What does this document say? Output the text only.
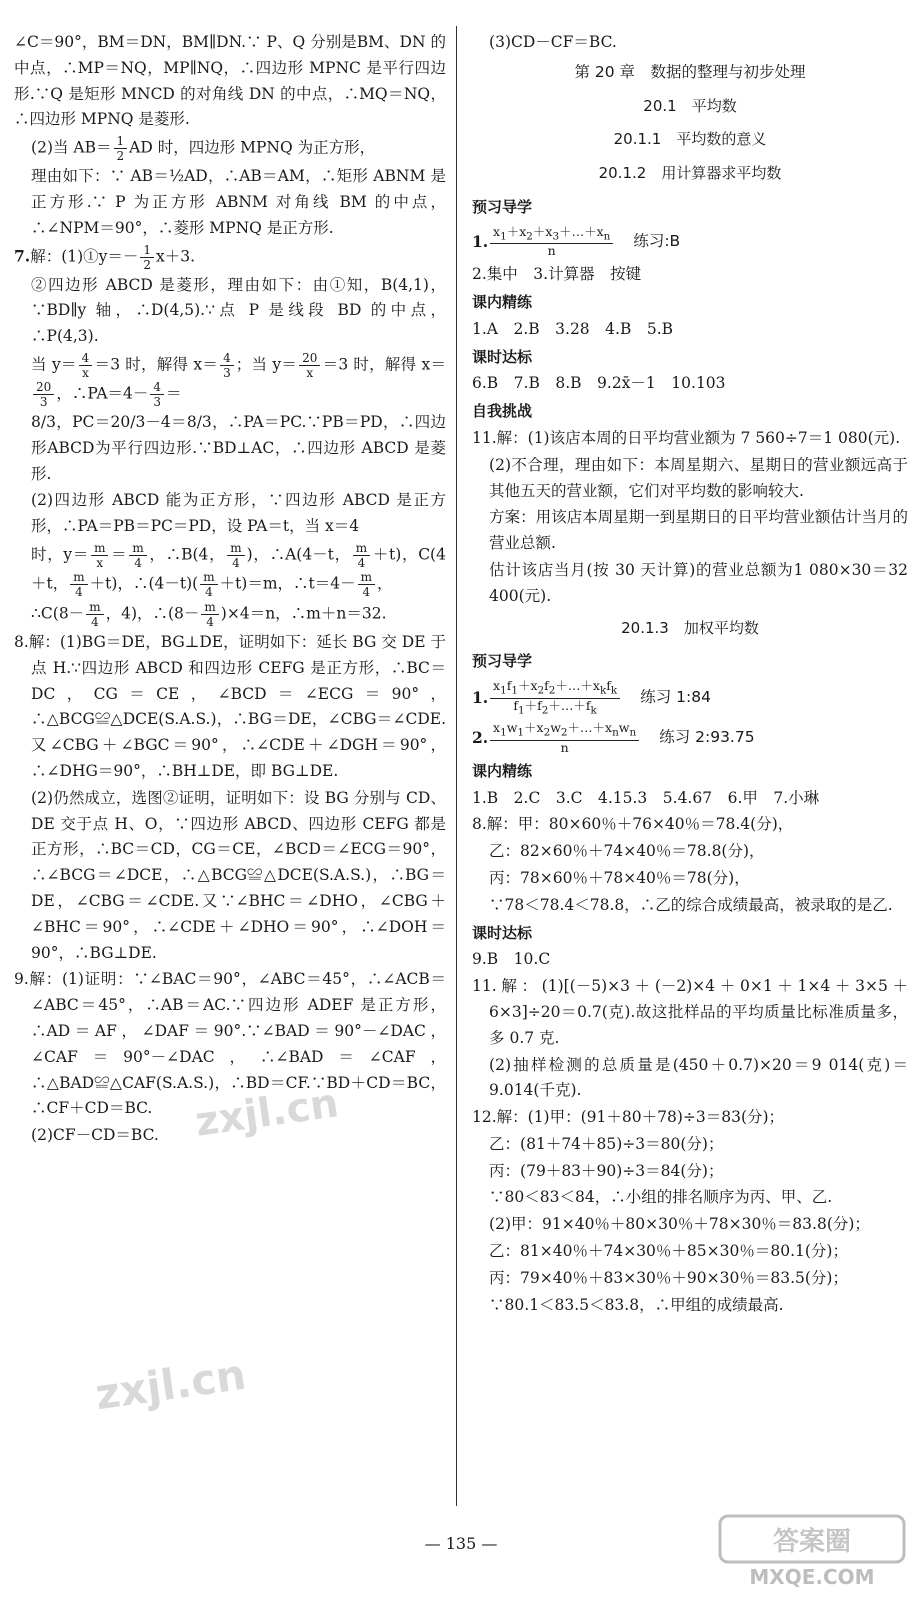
∠C＝90°，BM＝DN，BM∥DN.∵ P、Q 分别是BM、DN 的中点，∴MP＝NQ，MP∥NQ，∴四边形 MPNC 是平行四边形.∵Q 是矩形 MNCD 的对角线 DN 的中点，∴MQ＝NQ，∴四边形 MPNQ 是菱形.

(2)当 $AB= \frac{1}{2}$ AD 时，四边形 MPNQ 为正方形，

理由如下：∵ AB＝½AD，∴AB＝AM，∴矩形 ABNM 是正方形.∵ P 为正方形 ABNM 对角线 BM 的中点，∴∠NPM＝90°，∴菱形 MPNQ 是正方形.

7.解：(1)①y＝－ $\frac{1}{2} x+3$.

②四边形 ABCD 是菱形，理由如下：由①知，B(4,1)，∵BD∥y 轴，∴D(4,5).∵点 P 是线段 BD 的中点，∴P(4,3).

当 $y= \frac{4}{x} =3$ 时，解得 $x= \frac{4}{3}$ ；当 $y= \frac{20}{x} =3$ 时，解得 x＝
$\frac{20}{3}$ ，∴PA＝4－ $\frac{4}{3}$ ＝

8/3，PC＝20/3－4＝8/3，∴PA＝PC.∵PB＝PD，∴四边形ABCD为平行四边形.∵BD⊥AC，∴四边形 ABCD 是菱形.

(2)四边形 ABCD 能为正方形，∵四边形 ABCD 是正方形，∴PA＝PB＝PC＝PD，设 PA＝t，当 x＝4

时，$y= \frac{m}{x} = \frac{m}{4}$ ，∴B(4， $\frac{m}{4}$ )，∴A(4－t， $\frac{m}{4} +t$)，C(4＋t， $\frac{m}{4} +t$)，∴(4－t)( $\frac{m}{4} +t)=m$，∴t＝4－ $\frac{m}{4}$ ，

∴C(8－ $\frac{m}{4}$ ，4)，∴(8－ $\frac{m}{4} )\times 4=n$，∴m＋n＝32.

8.解：(1)BG＝DE，BG⊥DE，证明如下：延长 BG 交 DE 于点 H.∵四边形 ABCD 和四边形 CEFG 是正方形，∴BC＝DC，CG＝CE，∠BCD＝∠ECG＝90°，∴△BCG≌△DCE(S.A.S.)，∴BG＝DE，∠CBG＝∠CDE.又∠CBG＋∠BGC＝90°，∴∠CDE＋∠DGH＝90°，∴∠DHG＝90°，∴BH⊥DE，即 BG⊥DE.

(2)仍然成立，选图②证明，证明如下：设 BG 分别与 CD、DE 交于点 H、O，∵四边形 ABCD、四边形 CEFG 都是正方形，∴BC＝CD，CG＝CE，∠BCD＝∠ECG＝90°，∴∠BCG＝∠DCE，∴△BCG≌△DCE(S.A.S.)，∴BG＝DE，∠CBG＝∠CDE.又∵∠BHC＝∠DHO，∠CBG＋∠BHC＝90°，∴∠CDE＋∠DHO＝90°，∴∠DOH＝90°，∴BG⊥DE.

9.解：(1)证明：∵∠BAC＝90°，∠ABC＝45°，∴∠ACB＝∠ABC＝45°，∴AB＝AC.∵四边形 ADEF 是正方形，∴AD＝AF，∠DAF＝90°.∵∠BAD＝90°－∠DAC，∠CAF＝90°－∠DAC，∴∠BAD＝∠CAF，∴△BAD≌△CAF(S.A.S.)，∴BD＝CF.∵BD＋CD＝BC，∴CF＋CD＝BC.

(2)CF－CD＝BC.

(3)CD－CF＝BC.

第 20 章　数据的整理与初步处理
20.1　平均数
20.1.1　平均数的意义
20.1.2　用计算器求平均数
预习导学
1.
$x_1+x_2+x_3+\dots+x_n$
n
练习:B

2.集中　3.计算器　按键

课内精练

1.A　2.B　3.28　4.B　5.B

课时达标

6.B　7.B　8.B　9.2x̄－1　10.103

自我挑战

11.解：(1)该店本周的日平均营业额为 7 560÷7＝1 080(元).

(2)不合理，理由如下：本周星期六、星期日的营业额远高于其他五天的营业额，它们对平均数的影响较大.

方案：用该店本周星期一到星期日的日平均营业额估计当月的营业总额.

估计该店当月(按 30 天计算)的营业总额为1 080×30＝32 400(元).

20.1.3　加权平均数
预习导学
1.
$x_1f_1+x_2f_2+\dots+x_kf_k$
$f_1+f_2+\dots+f_k$
练习 1:84
2.
$x_1w_1+x_2w_2+\dots+x_nw_n$
n
练习 2:93.75
课内精练

1.B　2.C　3.C　4.15.3　5.4.67　6.甲　7.小琳

8.解：甲：80×60％＋76×40％＝78.4(分)，

乙：82×60％＋74×40％＝78.8(分)，

丙：78×60％＋78×40％＝78(分)，

∵78＜78.4＜78.8，∴乙的综合成绩最高，被录取的是乙.

课时达标

9.B　10.C

11.解：(1)[(－5)×3＋(－2)×4＋0×1＋1×4＋3×5＋6×3]÷20＝0.7(克).故这批样品的平均质量比标准质量多，多 0.7 克.

(2)抽样检测的总质量是(450＋0.7)×20＝9 014(克)＝9.014(千克).

12.解：(1)甲：(91＋80＋78)÷3＝83(分)；

乙：(81＋74＋85)÷3＝80(分)；

丙：(79＋83＋90)÷3＝84(分)；

∵80＜83＜84，∴小组的排名顺序为丙、甲、乙.

(2)甲：91×40％＋80×30％＋78×30％＝83.8(分)；

乙：81×40％＋74×30％＋85×30％＝80.1(分)；

丙：79×40％＋83×30％＋90×30％＝83.5(分)；

∵80.1＜83.5＜83.8，∴甲组的成绩最高.

— 135 —
zxjl.cn
zxjl.cn
答案圈
MXQE.COM
